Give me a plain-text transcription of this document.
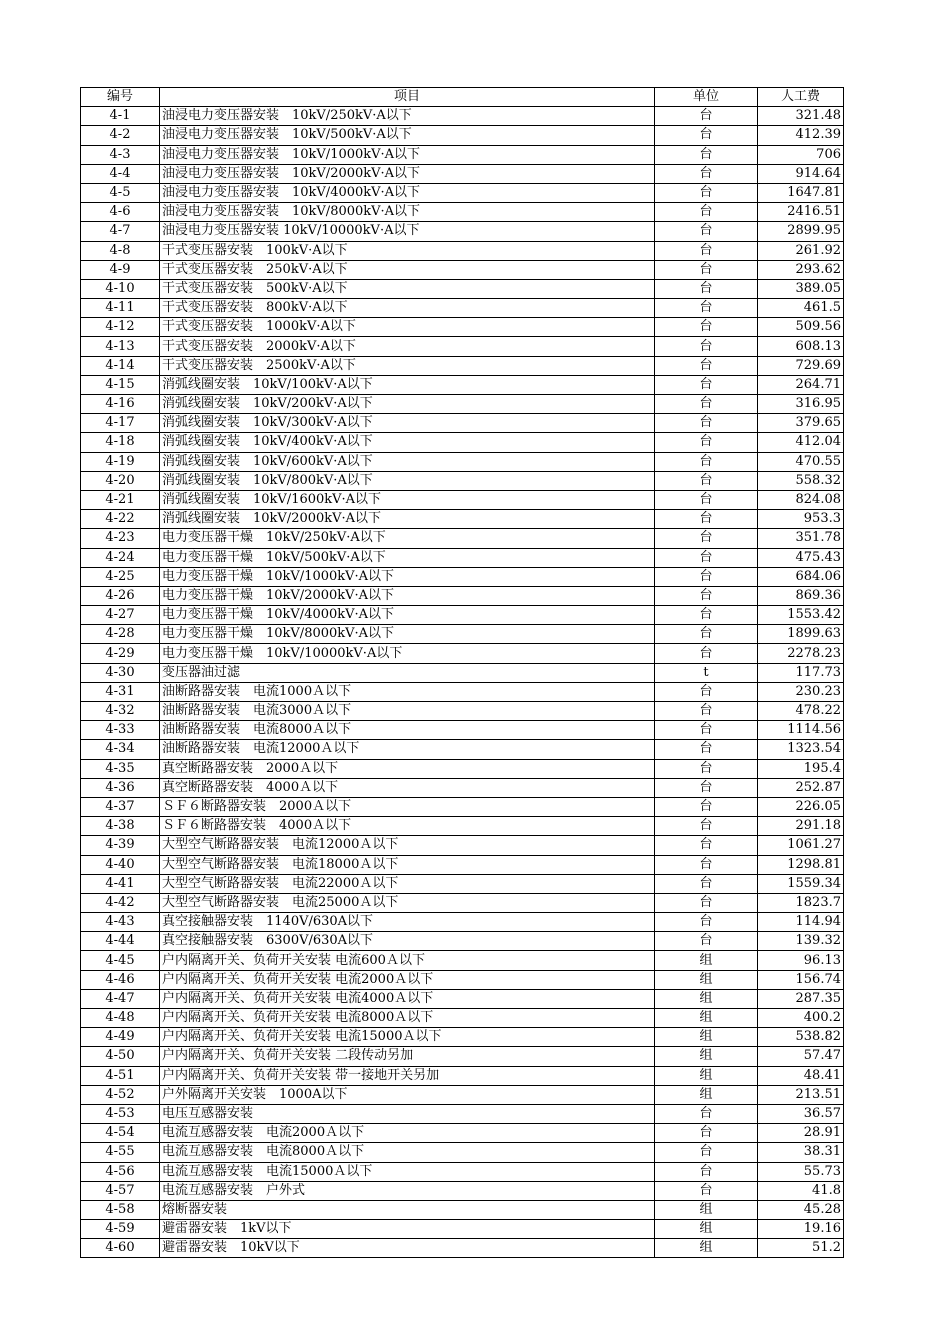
编号	项目	单位	人工费
4-1	油浸电力变压器安装　10kV/250kV·A以下	台	321.48
4-2	油浸电力变压器安装　10kV/500kV·A以下	台	412.39
4-3	油浸电力变压器安装　10kV/1000kV·A以下	台	706
4-4	油浸电力变压器安装　10kV/2000kV·A以下	台	914.64
4-5	油浸电力变压器安装　10kV/4000kV·A以下	台	1647.81
4-6	油浸电力变压器安装　10kV/8000kV·A以下	台	2416.51
4-7	油浸电力变压器安装 10kV/10000kV·A以下	台	2899.95
4-8	干式变压器安装　100kV·A以下	台	261.92
4-9	干式变压器安装　250kV·A以下	台	293.62
4-10	干式变压器安装　500kV·A以下	台	389.05
4-11	干式变压器安装　800kV·A以下	台	461.5
4-12	干式变压器安装　1000kV·A以下	台	509.56
4-13	干式变压器安装　2000kV·A以下	台	608.13
4-14	干式变压器安装　2500kV·A以下	台	729.69
4-15	消弧线圈安装　10kV/100kV·A以下	台	264.71
4-16	消弧线圈安装　10kV/200kV·A以下	台	316.95
4-17	消弧线圈安装　10kV/300kV·A以下	台	379.65
4-18	消弧线圈安装　10kV/400kV·A以下	台	412.04
4-19	消弧线圈安装　10kV/600kV·A以下	台	470.55
4-20	消弧线圈安装　10kV/800kV·A以下	台	558.32
4-21	消弧线圈安装　10kV/1600kV·A以下	台	824.08
4-22	消弧线圈安装　10kV/2000kV·A以下	台	953.3
4-23	电力变压器干燥　10kV/250kV·A以下	台	351.78
4-24	电力变压器干燥　10kV/500kV·A以下	台	475.43
4-25	电力变压器干燥　10kV/1000kV·A以下	台	684.06
4-26	电力变压器干燥　10kV/2000kV·A以下	台	869.36
4-27	电力变压器干燥　10kV/4000kV·A以下	台	1553.42
4-28	电力变压器干燥　10kV/8000kV·A以下	台	1899.63
4-29	电力变压器干燥　10kV/10000kV·A以下	台	2278.23
4-30	变压器油过滤	t	117.73
4-31	油断路器安装　电流1000Ａ以下	台	230.23
4-32	油断路器安装　电流3000Ａ以下	台	478.22
4-33	油断路器安装　电流8000Ａ以下	台	1114.56
4-34	油断路器安装　电流12000Ａ以下	台	1323.54
4-35	真空断路器安装　2000Ａ以下	台	195.4
4-36	真空断路器安装　4000Ａ以下	台	252.87
4-37	ＳＦ６断路器安装　2000Ａ以下	台	226.05
4-38	ＳＦ６断路器安装　4000Ａ以下	台	291.18
4-39	大型空气断路器安装　电流12000Ａ以下	台	1061.27
4-40	大型空气断路器安装　电流18000Ａ以下	台	1298.81
4-41	大型空气断路器安装　电流22000Ａ以下	台	1559.34
4-42	大型空气断路器安装　电流25000Ａ以下	台	1823.7
4-43	真空接触器安装　1140V/630A以下	台	114.94
4-44	真空接触器安装　6300V/630A以下	台	139.32
4-45	户内隔离开关、负荷开关安装 电流600Ａ以下	组	96.13
4-46	户内隔离开关、负荷开关安装 电流2000Ａ以下	组	156.74
4-47	户内隔离开关、负荷开关安装 电流4000Ａ以下	组	287.35
4-48	户内隔离开关、负荷开关安装 电流8000Ａ以下	组	400.2
4-49	户内隔离开关、负荷开关安装 电流15000Ａ以下	组	538.82
4-50	户内隔离开关、负荷开关安装 二段传动另加	组	57.47
4-51	户内隔离开关、负荷开关安装 带一接地开关另加	组	48.41
4-52	户外隔离开关安装　1000A以下	组	213.51
4-53	电压互感器安装	台	36.57
4-54	电流互感器安装　电流2000Ａ以下	台	28.91
4-55	电流互感器安装　电流8000Ａ以下	台	38.31
4-56	电流互感器安装　电流15000Ａ以下	台	55.73
4-57	电流互感器安装　户外式	台	41.8
4-58	熔断器安装	组	45.28
4-59	避雷器安装　1kV以下	组	19.16
4-60	避雷器安装　10kV以下	组	51.2
